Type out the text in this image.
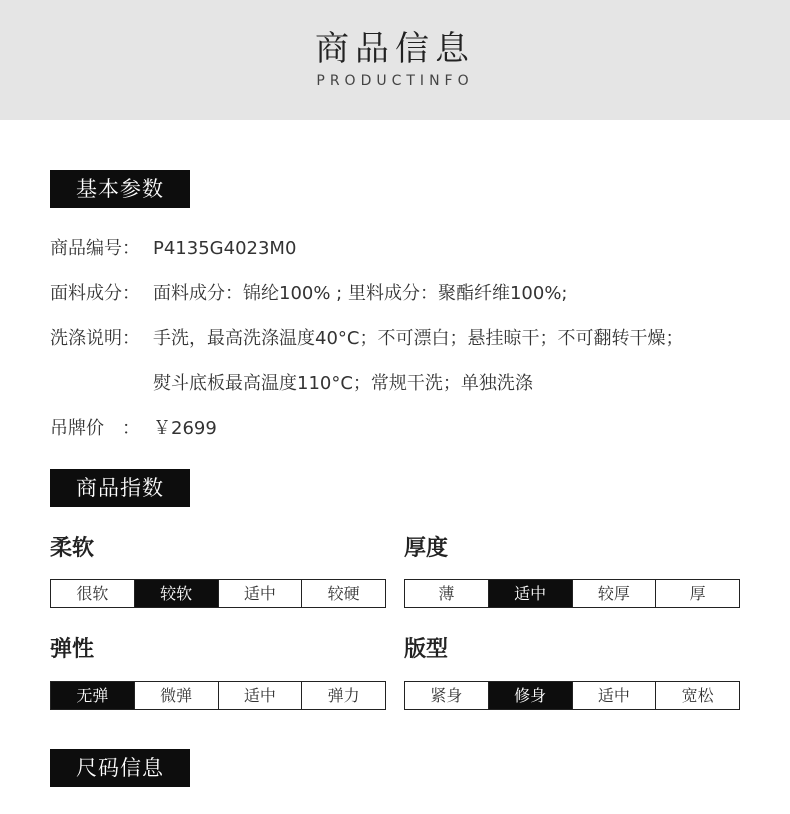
商品信息
PRODUCTINFO
基本参数
商品编号： P4135G4023M0
面料成分： 面料成分：锦纶100% ; 里料成分：聚酯纤维100%;
洗涤说明： 手洗，最高洗涤温度40°C；不可漂白；悬挂晾干；不可翻转干燥；
熨斗底板最高温度110°C；常规干洗；单独洗涤
吊牌价　： ￥2699
商品指数
柔软
很软	较软	适中	较硬
厚度
薄	适中	较厚	厚
弹性
无弹	微弹	适中	弹力
版型
紧身	修身	适中	宽松
尺码信息
